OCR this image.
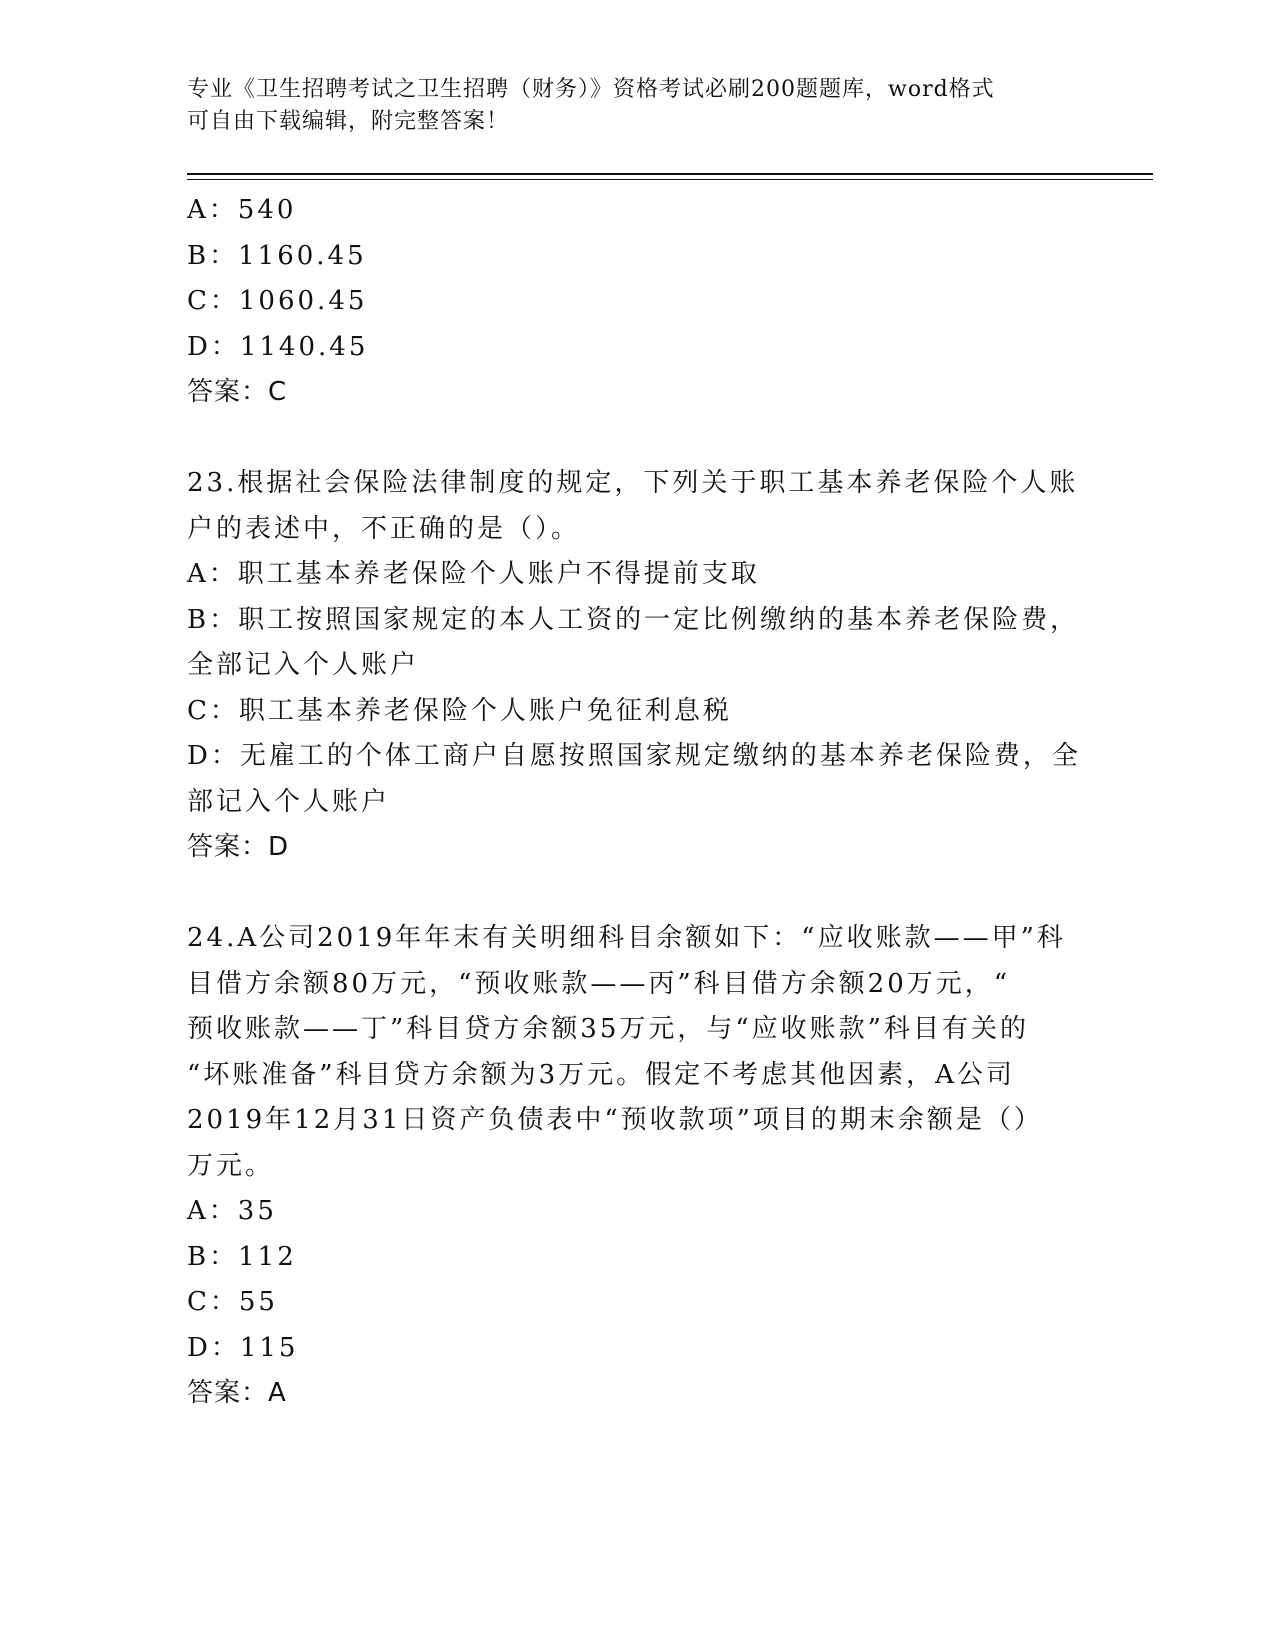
专业《卫生招聘考试之卫生招聘（财务）》资格考试必刷200题题库，word格式
可自由下载编辑，附完整答案！
A：540
B：1160.45
C：1060.45
D：1140.45
答案：C
23.根据社会保险法律制度的规定，下列关于职工基本养老保险个人账
户的表述中，不正确的是（）。
A：职工基本养老保险个人账户不得提前支取
B：职工按照国家规定的本人工资的一定比例缴纳的基本养老保险费，
全部记入个人账户
C：职工基本养老保险个人账户免征利息税
D：无雇工的个体工商户自愿按照国家规定缴纳的基本养老保险费，全
部记入个人账户
答案：D
24.A公司2019年年末有关明细科目余额如下：“应收账款——甲”科
目借方余额80万元，“预收账款——丙”科目借方余额20万元，“
预收账款——丁”科目贷方余额35万元，与“应收账款”科目有关的
“坏账准备”科目贷方余额为3万元。假定不考虑其他因素，A公司
2019年12月31日资产负债表中“预收款项”项目的期末余额是（）
万元。
A：35
B：112
C：55
D：115
答案：A
